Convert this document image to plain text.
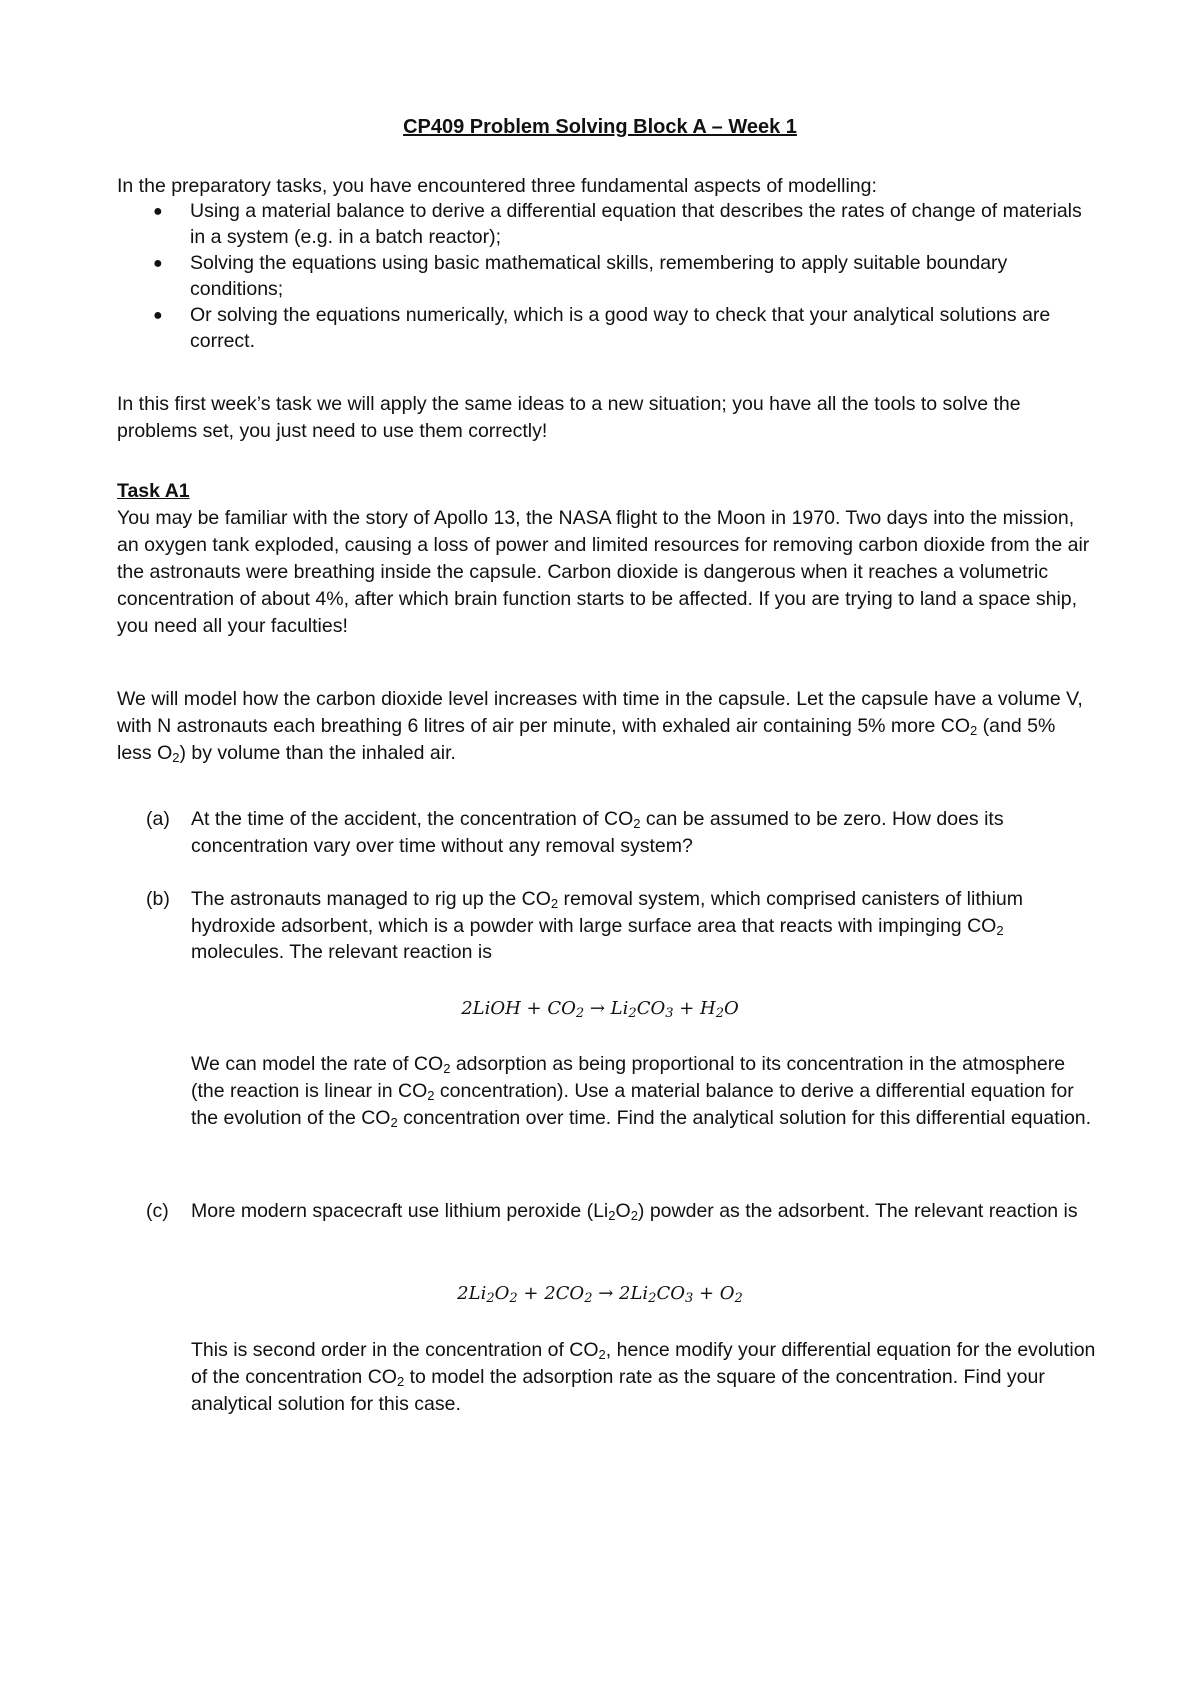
CP409 Problem Solving Block A – Week 1

In the preparatory tasks, you have encountered three fundamental aspects of modelling:

● Using a material balance to derive a differential equation that describes the rates of change of materials in a system (e.g. in a batch reactor);
● Solving the equations using basic mathematical skills, remembering to apply suitable boundary conditions;
● Or solving the equations numerically, which is a good way to check that your analytical solutions are correct.

In this first week’s task we will apply the same ideas to a new situation; you have all the tools to solve the problems set, you just need to use them correctly!

Task A1

You may be familiar with the story of Apollo 13, the NASA flight to the Moon in 1970. Two days into the mission, an oxygen tank exploded, causing a loss of power and limited resources for removing carbon dioxide from the air the astronauts were breathing inside the capsule. Carbon dioxide is dangerous when it reaches a volumetric concentration of about 4%, after which brain function starts to be affected. If you are trying to land a space ship, you need all your faculties!

We will model how the carbon dioxide level increases with time in the capsule. Let the capsule have a volume V, with N astronauts each breathing 6 litres of air per minute, with exhaled air containing 5% more $CO_2$ (and 5% less $O_2$) by volume than the inhaled air.

(a) At the time of the accident, the concentration of $CO_2$ can be assumed to be zero. How does its concentration vary over time without any removal system?
(b) The astronauts managed to rig up the $CO_2$ removal system, which comprised canisters of lithium hydroxide adsorbent, which is a powder with large surface area that reacts with impinging $CO_2$ molecules. The relevant reaction is
2LiOH + $CO_2 \to Li_2CO_3 + H_2O$
We can model the rate of $CO_2$ adsorption as being proportional to its concentration in the atmosphere (the reaction is linear in $CO_2$ concentration). Use a material balance to derive a differential equation for the evolution of the $CO_2$ concentration over time. Find the analytical solution for this differential equation.
(c) More modern spacecraft use lithium peroxide $(Li_2O_2)$ powder as the adsorbent. The relevant reaction is
$2Li_2O_2 + 2CO_2 \to 2Li_2CO_3 + O_2$
This is second order in the concentration of $CO_2$, hence modify your differential equation for the evolution of the concentration $CO_2$ to model the adsorption rate as the square of the concentration. Find your analytical solution for this case.
